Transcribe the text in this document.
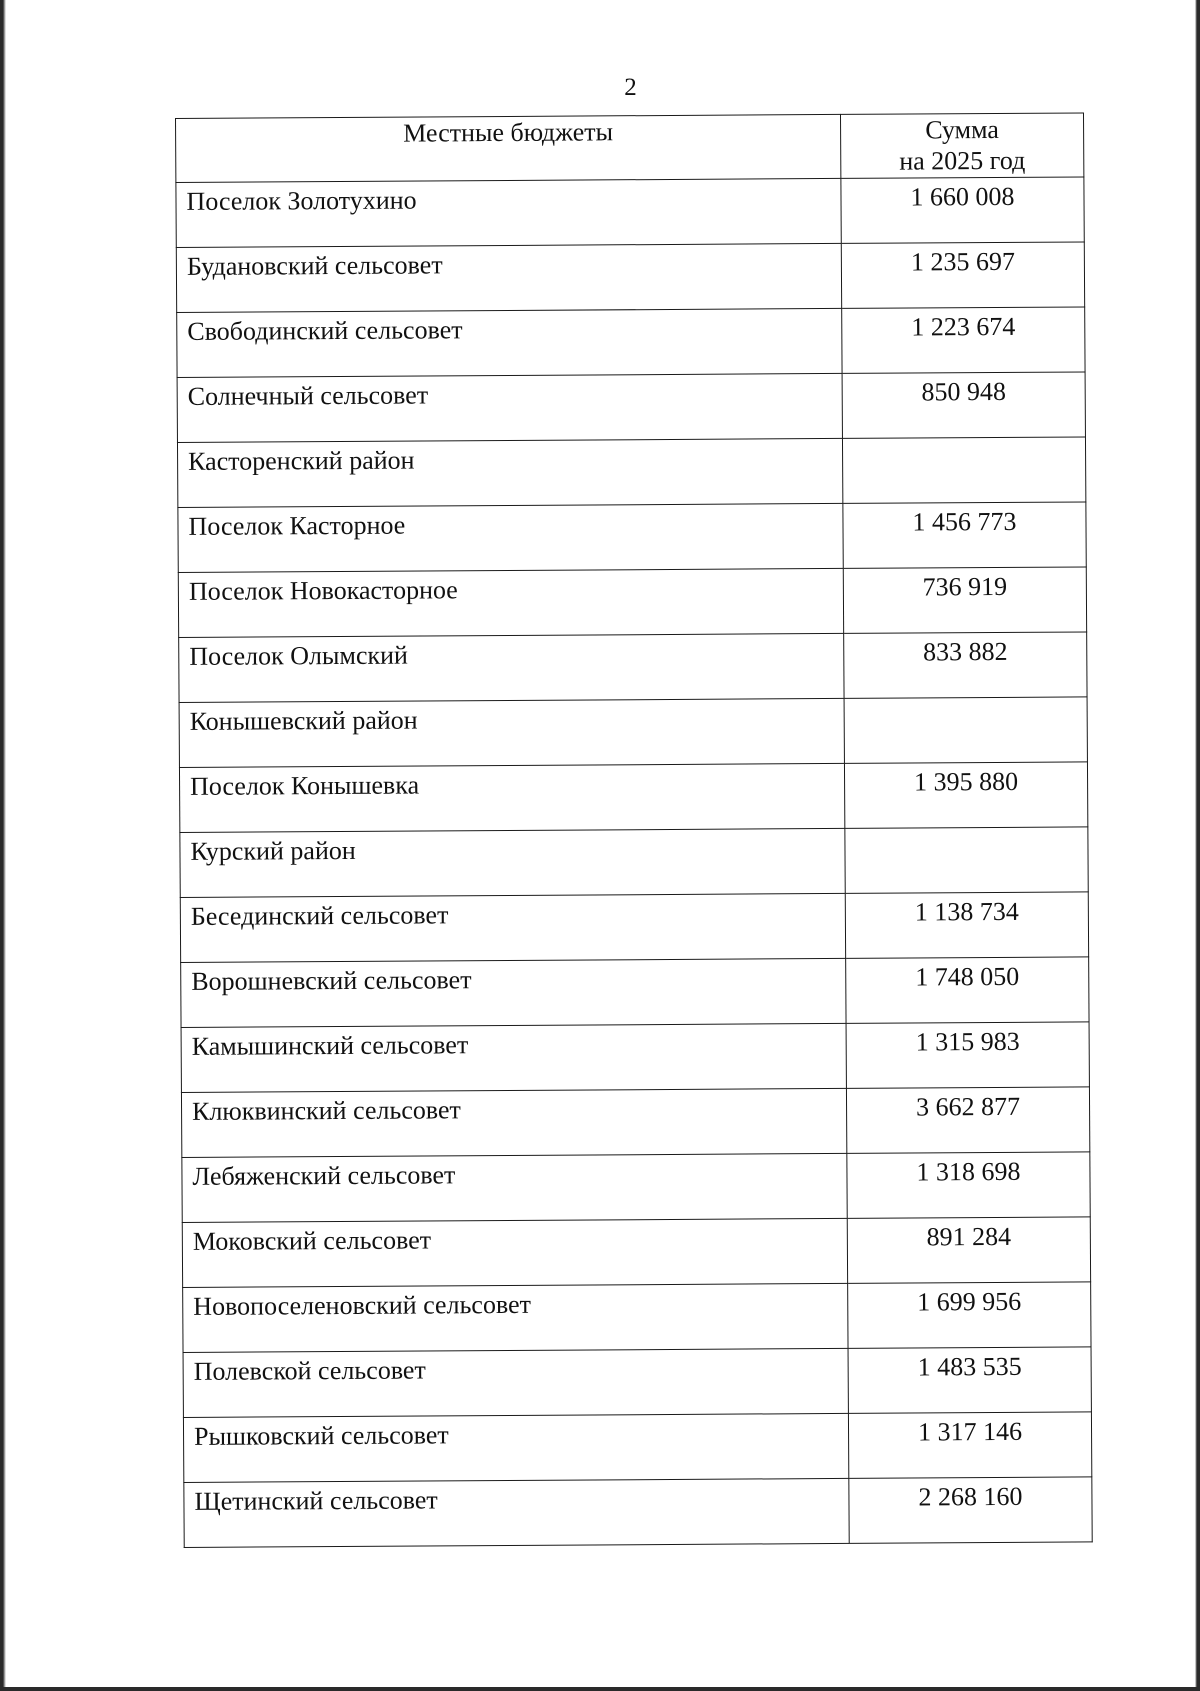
2
Местные бюджеты	Сумма
на 2025 год

Поселок Золотухино	1 660 008
Будановский сельсовет	1 235 697
Свободинский сельсовет	1 223 674
Солнечный сельсовет	850 948
Касторенский район	
Поселок Касторное	1 456 773
Поселок Новокасторное	736 919
Поселок Олымский	833 882
Конышевский район	
Поселок Конышевка	1 395 880
Курский район	
Бесединский сельсовет	1 138 734
Ворошневский сельсовет	1 748 050
Камышинский сельсовет	1 315 983
Клюквинский сельсовет	3 662 877
Лебяженский сельсовет	1 318 698
Моковский сельсовет	891 284
Новопоселеновский сельсовет	1 699 956
Полевской сельсовет	1 483 535
Рышковский сельсовет	1 317 146
Щетинский сельсовет	2 268 160
